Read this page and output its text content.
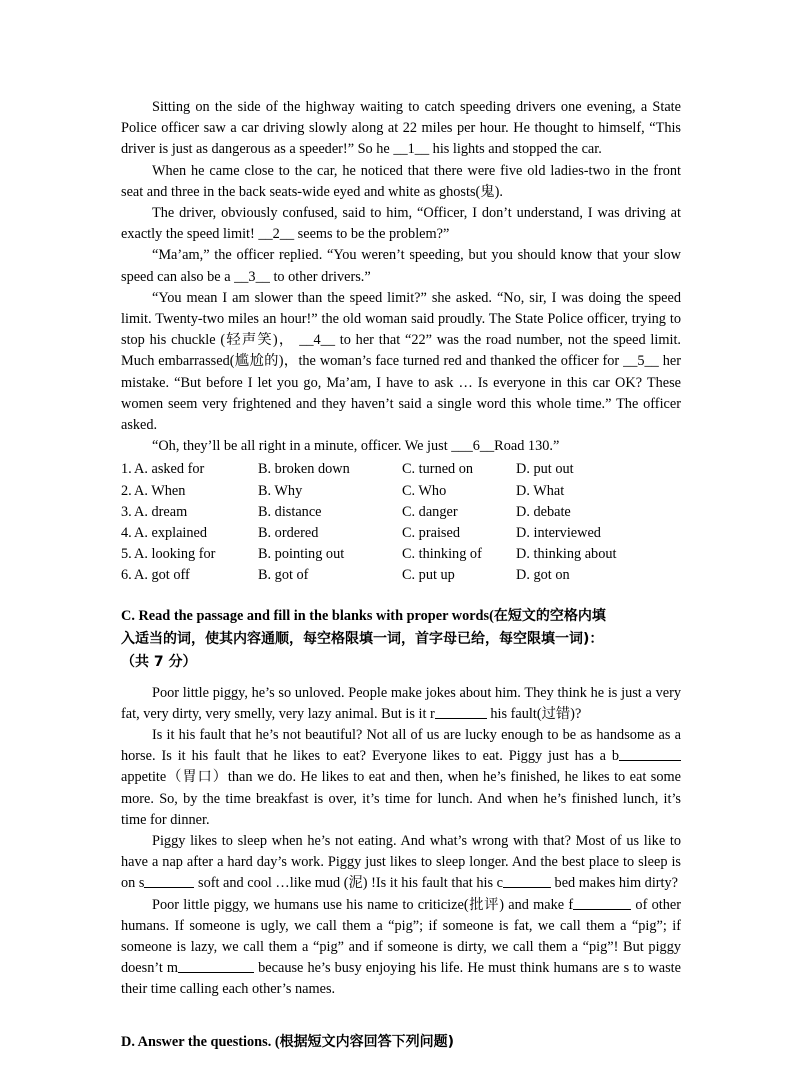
Sitting on the side of the highway waiting to catch speeding drivers one evening, a State Police officer saw a car driving slowly along at 22 miles per hour. He thought to himself, “This driver is just as dangerous as a speeder!” So he __1__ his lights and stopped the car.

When he came close to the car, he noticed that there were five old ladies-two in the front seat and three in the back seats-wide eyed and white as ghosts(鬼).

The driver, obviously confused, said to him, “Officer, I don’t understand, I was driving at exactly the speed limit! __2__ seems to be the problem?”

“Ma’am,” the officer replied. “You weren’t speeding, but you should know that your slow speed can also be a __3__ to other drivers.”

“You mean I am slower than the speed limit?” she asked. “No, sir, I was doing the speed limit. Twenty-two miles an hour!” the old woman said proudly. The State Police officer, trying to stop his chuckle (轻声笑)， __4__ to her that “22” was the road number, not the speed limit. Much embarrassed(尴尬的)，the woman’s face turned red and thanked the officer for __5__ her mistake. “But before I let you go, Ma’am, I have to ask … Is everyone in this car OK? These women seem very frightened and they haven’t said a single word this whole time.” The officer asked.

“Oh, they’ll be all right in a minute, officer. We just ___6__Road 130.”

1. A. asked for	B. broken down	C. turned on	D. put out
2. A. When	B. Why	C. Who	D. What
3. A. dream	B. distance	C. danger	D. debate
4. A. explained	B. ordered	C. praised	D. interviewed
5. A. looking for	B. pointing out	C. thinking of D. thinking about
6. A. got off	B. got of	C. put up	D. got on

C. Read the passage and fill in the blanks with proper words(在短文的空格内填

入适当的词，使其内容通顺，每空格限填一词，首字母已给，每空限填一词)：

（共 7 分）

Poor little piggy, he’s so unloved. People make jokes about him. They think he is just a very fat, very dirty, very smelly, very lazy animal. But is it r	his fault(过错)?

Is it his fault that he’s not beautiful? Not all of us are lucky enough to be as handsome as a horse. Is it his fault that he likes to eat? Everyone likes to eat. Piggy just has a b appetite（胃口）than we do. He likes to eat and then, when he’s finished, he likes to eat some more. So, by the time breakfast is over, it’s time for lunch. And when he’s finished lunch, it’s time for dinner.

Piggy likes to sleep when he’s not eating. And what’s wrong with that? Most of us like to have a nap after a hard day’s work. Piggy just likes to sleep longer. And the best place to sleep is on s	soft and cool …like mud (泥) !Is it his fault that his c	bed makes him dirty?

Poor little piggy, we humans use his name to criticize(批评) and make f	of other humans. If someone is ugly, we call them a “pig”; if someone is fat, we call them a “pig”; if someone is lazy, we call them a “pig” and if someone is dirty, we call them a “pig”! But piggy doesn’t m	because he’s busy enjoying his life. He must think humans are s to waste their time calling each other’s names.

D. Answer the questions. (根据短文内容回答下列问题)
